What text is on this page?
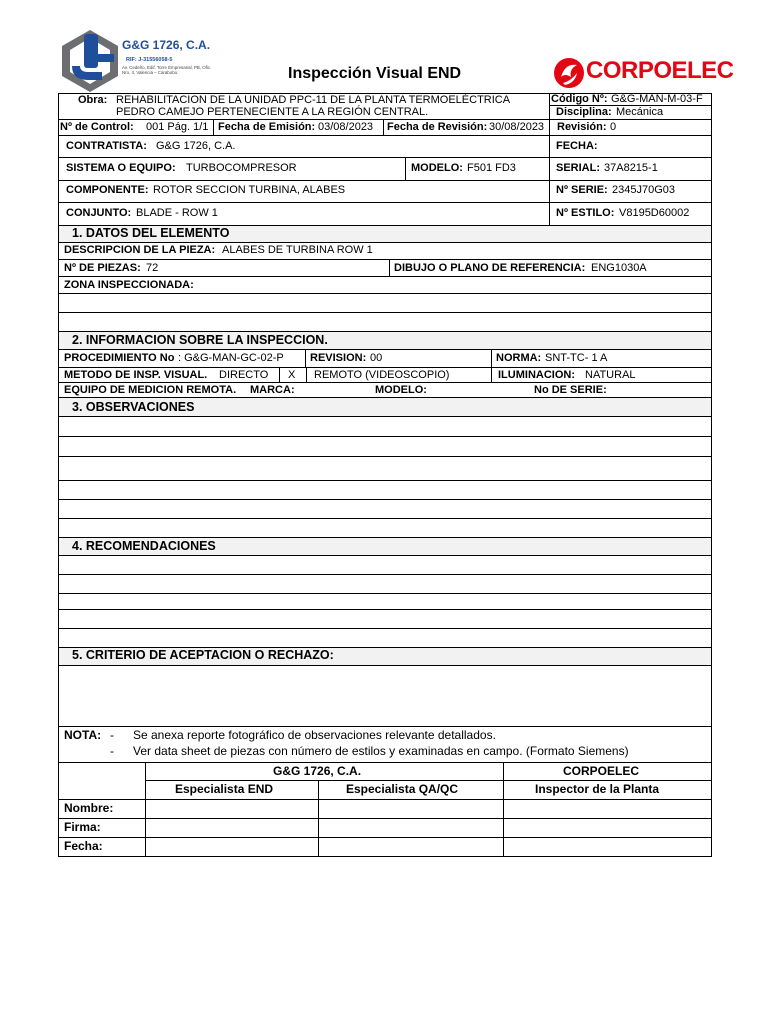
G&G 1726, C.A.
RIF: J-31556058-5
Av. Cedeño, Edif. Torre Empresarial, PB, Ofic. Nro. 4, Valencia – Carabobo.	Inspección Visual END	CORPOELEC
Obra: REHABILITACION DE LA UNIDAD PPC-11 DE LA PLANTA TERMOELÉCTRICA
PEDRO CAMEJO PERTENECIENTE A LA REGIÓN CENTRAL.
Código Nº: G&G-MAN-M-03-F
Disciplina: Mecánica
Nº de Control: 001 Pág. 1/1 Fecha de Emisión: 03/08/2023 Fecha de Revisión: 30/08/2023 Revisión: 0
CONTRATISTA: G&G 1726, C.A.	FECHA:
SISTEMA O EQUIPO: TURBOCOMPRESOR	MODELO: F501 FD3	SERIAL: 37A8215-1
COMPONENTE: ROTOR SECCION TURBINA, ALABES	Nº SERIE: 2345J70G03
CONJUNTO: BLADE - ROW 1	Nº ESTILO: V8195D60002
1. DATOS DEL ELEMENTO
DESCRIPCION DE LA PIEZA: ALABES DE TURBINA ROW 1
Nº DE PIEZAS: 72	DIBUJO O PLANO DE REFERENCIA: ENG1030A
ZONA INSPECCIONADA:
2. INFORMACION SOBRE LA INSPECCION.
PROCEDIMIENTO No : G&G-MAN-GC-02-P REVISION: 00	NORMA: SNT-TC- 1 A
METODO DE INSP. VISUAL. DIRECTO X REMOTO (VIDEOSCOPIO)	ILUMINACION: NATURAL
EQUIPO DE MEDICION REMOTA. MARCA:	MODELO:	No DE SERIE:
3. OBSERVACIONES
4. RECOMENDACIONES
5. CRITERIO DE ACEPTACION O RECHAZO:
NOTA: - Se anexa reporte fotográfico de observaciones relevante detallados.
- Ver data sheet de piezas con número de estilos y examinadas en campo. (Formato Siemens)
G&G 1726, C.A.	CORPOELEC
Especialista END	Especialista QA/QC	Inspector de la Planta
Nombre:
Firma:
Fecha:
